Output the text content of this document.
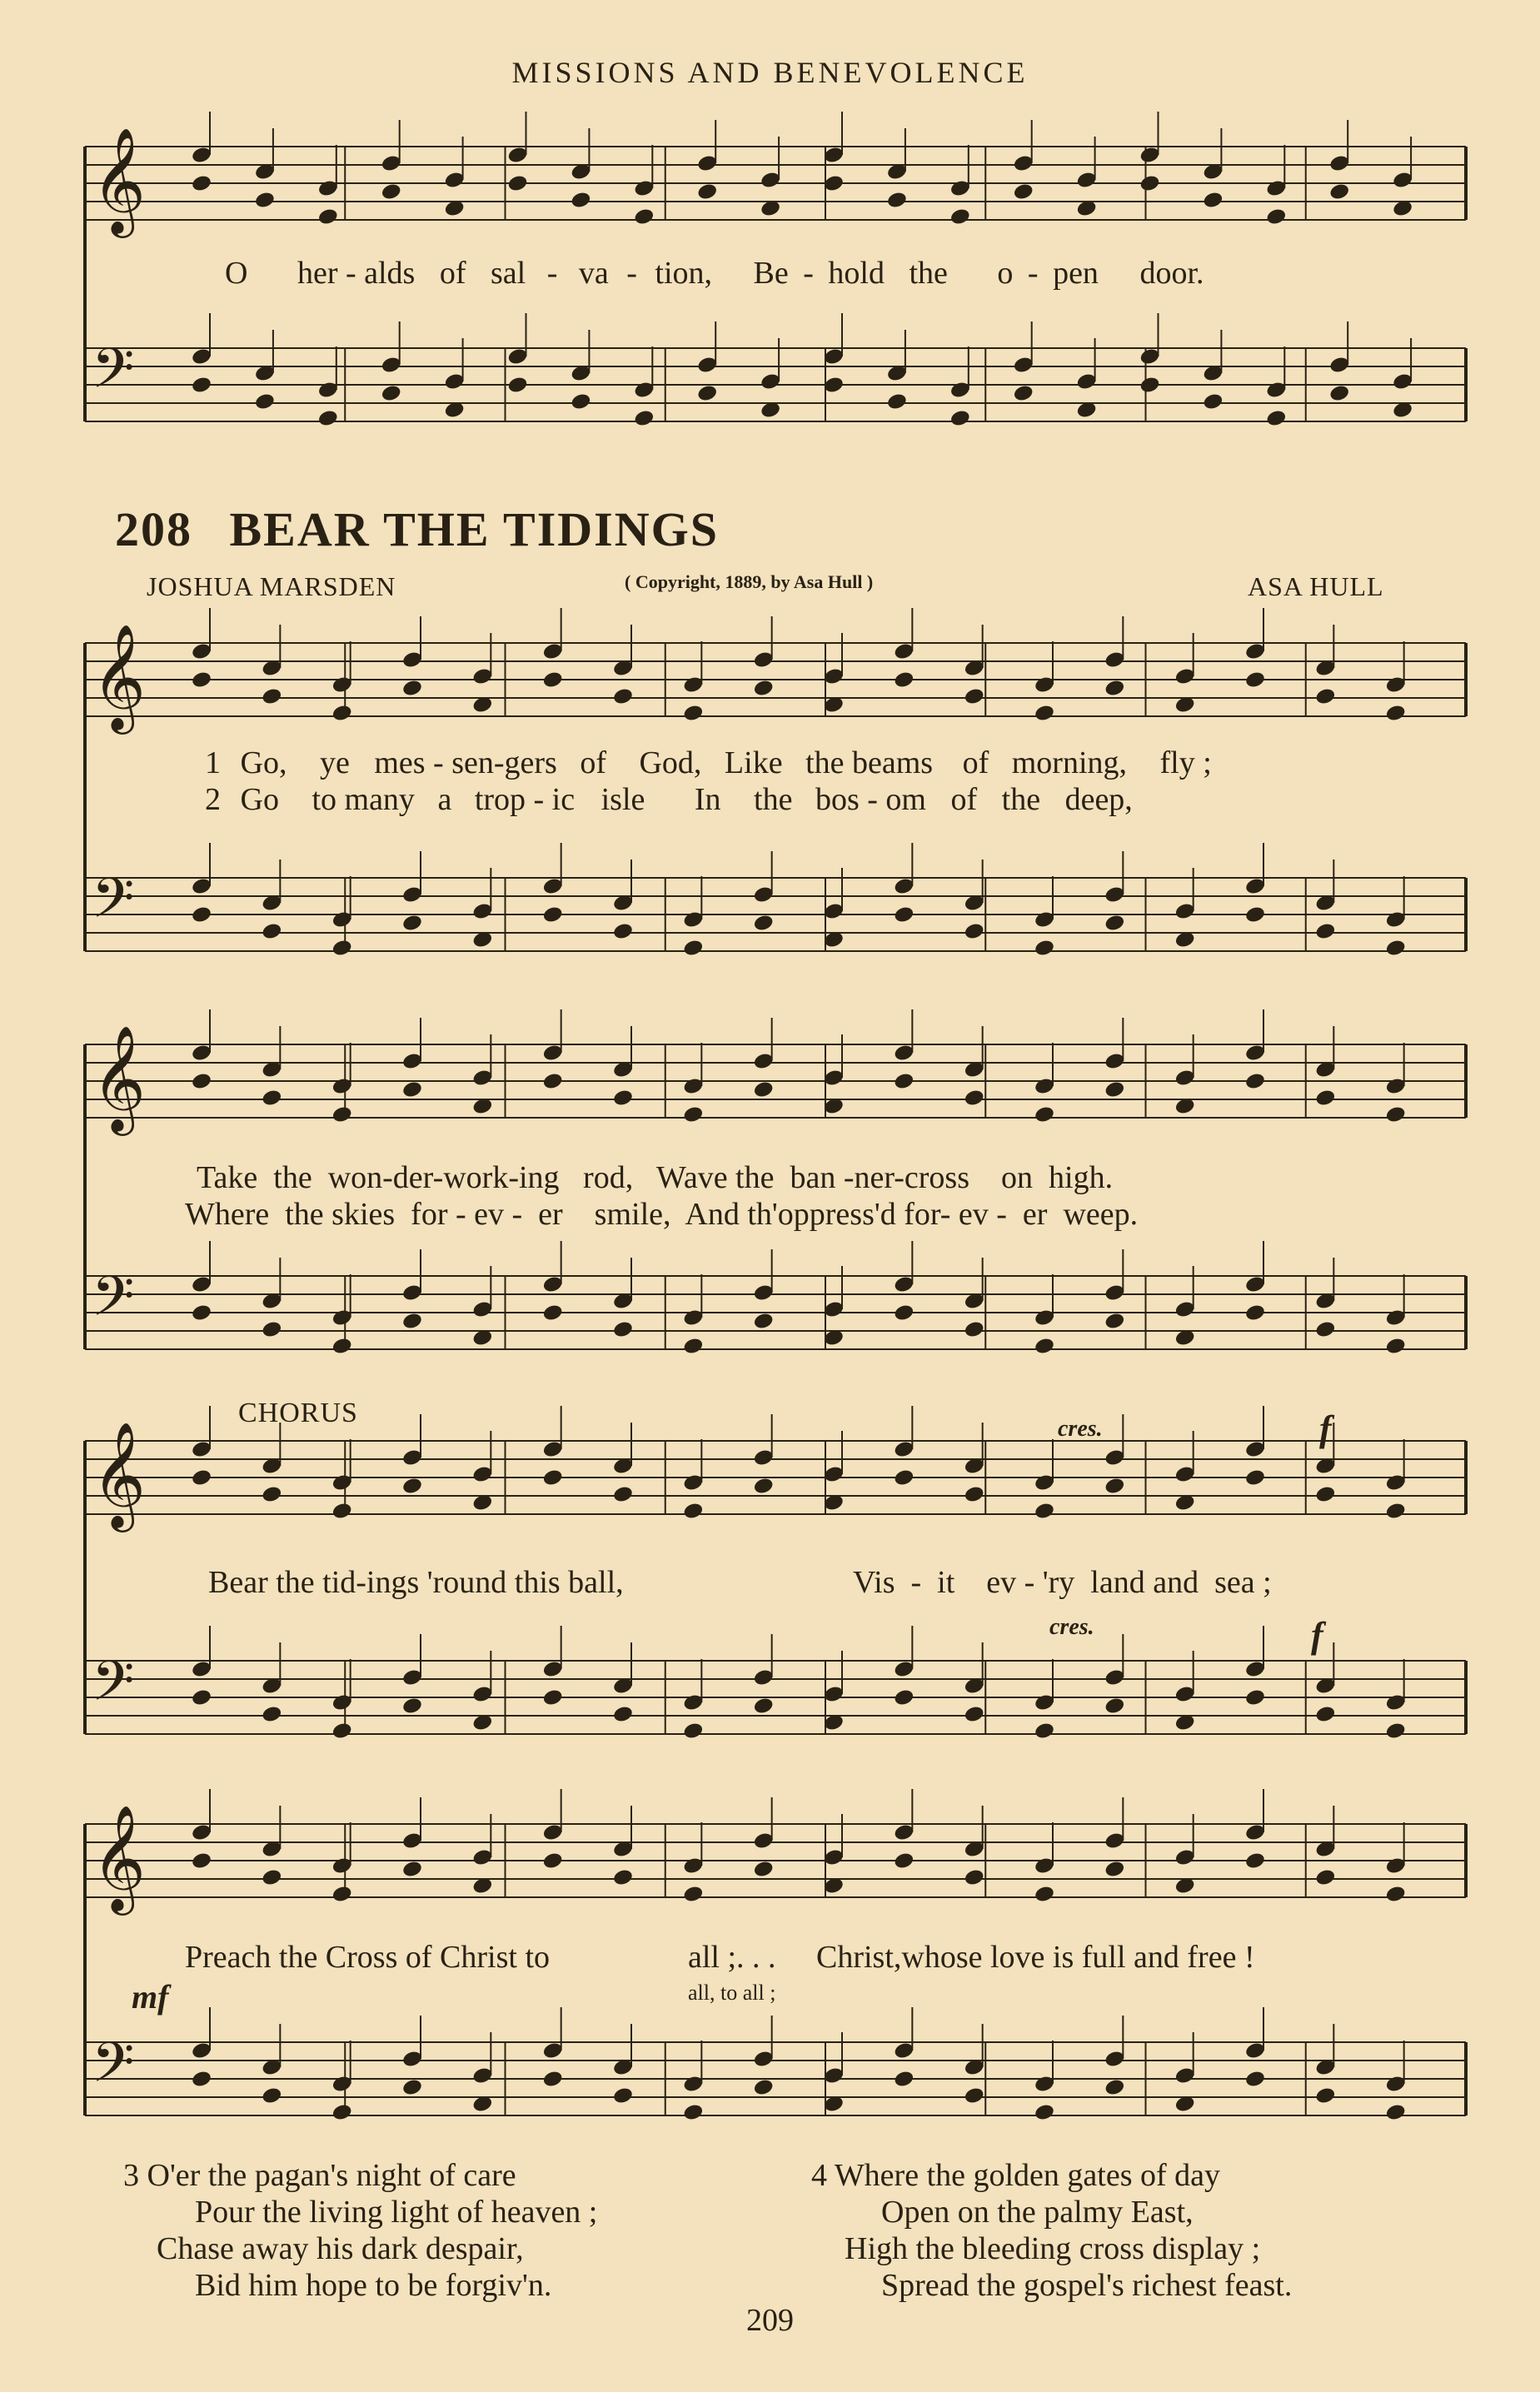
MISSIONS AND BENEVOLENCE
𝄞
𝄢
𝄞
𝄢
𝄞
𝄢
𝄞
𝄢
𝄞
𝄢
O her - alds of sal - va - tion, Be - hold the o - pen door.
208 BEAR THE TIDINGS
JOSHUA MARSDEN	( Copyright, 1889, by Asa Hull )	ASA HULL
1 Go, ye mes - sen-gers of God, Like the beams of morning, fly ;
2 Go to many a trop - ic isle In the bos - om of the deep,
Take  the  won-der-work-ing   rod,   Wave the  ban -ner-cross    on  high.
Where  the skies  for - ev -  er    smile,  And th'oppress'd for- ev -  er  weep.
CHORUS
Bear the tid-ings 'round this ball,	Vis  -  it    ev - 'ry  land and  sea ;
cres.	f
cres.	f
Preach the Cross of Christ to	all ;. . . Christ,whose love is full and free !
all, to all ;
mf
3 O'er the pagan's night of care
Pour the living light of heaven ;
Chase away his dark despair,
Bid him hope to be forgiv'n.
4 Where the golden gates of day
Open on the palmy East,
High the bleeding cross display ;
Spread the gospel's richest feast.
209
